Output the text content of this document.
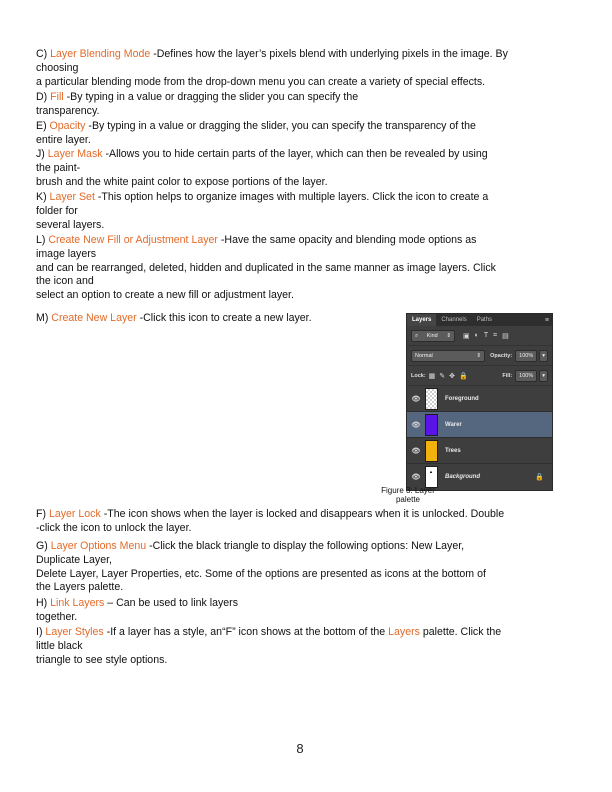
C) Layer Blending Mode -Defines how the layer’s pixels blend with underlying pixels in the image. By
choosing
a particular blending mode from the drop-down menu you can create a variety of special effects.
D) Fill -By typing in a value or dragging the slider you can specify the
transparency.
E) Opacity -By typing in a value or dragging the slider, you can specify the transparency of the
entire layer.
J) Layer Mask -Allows you to hide certain parts of the layer, which can then be revealed by using
the paint-
brush and the white paint color to expose portions of the layer.
K) Layer Set -This option helps to organize images with multiple layers. Click the icon to create a
folder for
several layers.
L) Create New Fill or Adjustment Layer -Have the same opacity and blending mode options as
image layers
and can be rearranged, deleted, hidden and duplicated in the same manner as image layers. Click
the icon and
select an option to create a new fill or adjustment layer.
M) Create New Layer -Click this icon to create a new layer.	Layers	Channels	Paths	≡
⌕ Kind ⇕ ▣ ◐ T ⌗ ▤
Normal	⇕ Opacity:	100%	▾
Lock: ▦ ✎ ✥ 🔒	Fill:	100%	▾
👁	Foreground
👁	Warer
👁	Trees
👁
▲
Background	🔒
Figure 3: Layer palette
F) Layer Lock -The icon shows when the layer is locked and disappears when it is unlocked. Double
-click the icon to unlock the layer.
G) Layer Options Menu -Click the black triangle to display the following options: New Layer,
Duplicate Layer,
Delete Layer, Layer Properties, etc. Some of the options are presented as icons at the bottom of
the Layers palette.
H) Link Layers – Can be used to link layers
together.
I) Layer Styles -If a layer has a style, an“F” icon shows at the bottom of the Layers palette. Click the
little black
triangle to see style options.
8
